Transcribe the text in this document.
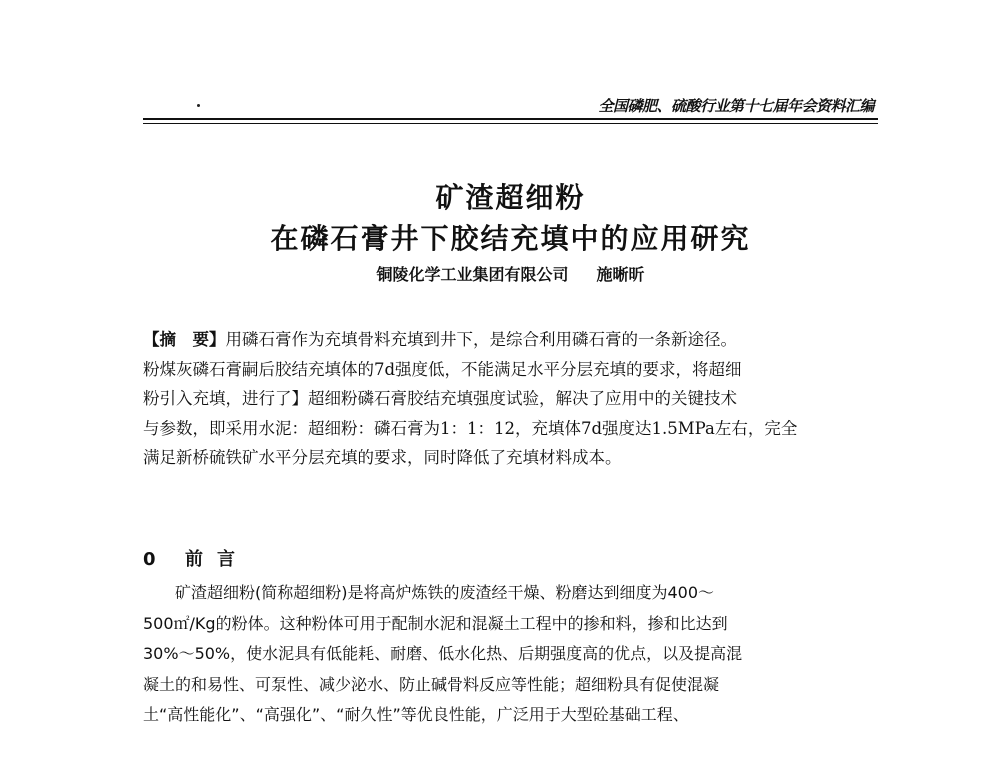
全国磷肥、硫酸行业第十七届年会资料汇编
矿渣超细粉
在磷石膏井下胶结充填中的应用研究
铜陵化学工业集团有限公司 施晰昕
【摘　要】用磷石膏作为充填骨料充填到井下，是综合利用磷石膏的一条新途径。
粉煤灰磷石膏嗣后胶结充填体的7d强度低，不能满足水平分层充填的要求，将超细
粉引入充填，进行了】超细粉磷石膏胶结充填强度试验，解决了应用中的关键技术
与参数，即采用水泥：超细粉：磷石膏为1：1：12，充填体7d强度达1.5MPa左右，完全
满足新桥硫铁矿水平分层充填的要求，同时降低了充填材料成本。
0 前言
矿渣超细粉(简称超细粉)是将高炉炼铁的废渣经干燥、粉磨达到细度为400～
500㎡/Kg的粉体。这种粉体可用于配制水泥和混凝土工程中的掺和料，掺和比达到
30%～50%，使水泥具有低能耗、耐磨、低水化热、后期强度高的优点，以及提高混
凝土的和易性、可泵性、减少泌水、防止碱骨料反应等性能；超细粉具有促使混凝
土“高性能化”、“高强化”、“耐久性”等优良性能，广泛用于大型砼基础工程、
